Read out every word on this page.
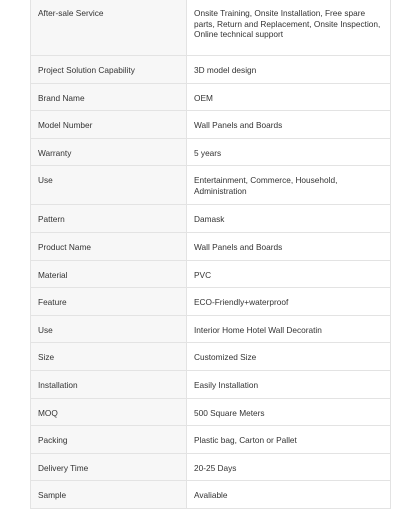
After-sale Service	Onsite Training, Onsite Installation, Free spare parts, Return and Replacement, Onsite Inspection, Online technical support
Project Solution Capability	3D model design
Brand Name	OEM
Model Number	Wall Panels and Boards
Warranty	5 years
Use	Entertainment, Commerce, Household, Administration
Pattern	Damask
Product Name	Wall Panels and Boards
Material	PVC
Feature	ECO-Friendly+waterproof
Use	Interior Home Hotel Wall Decoratin
Size	Customized Size
Installation	Easily Installation
MOQ	500 Square Meters
Packing	Plastic bag, Carton or Pallet
Delivery Time	20-25 Days
Sample	Avaliable
